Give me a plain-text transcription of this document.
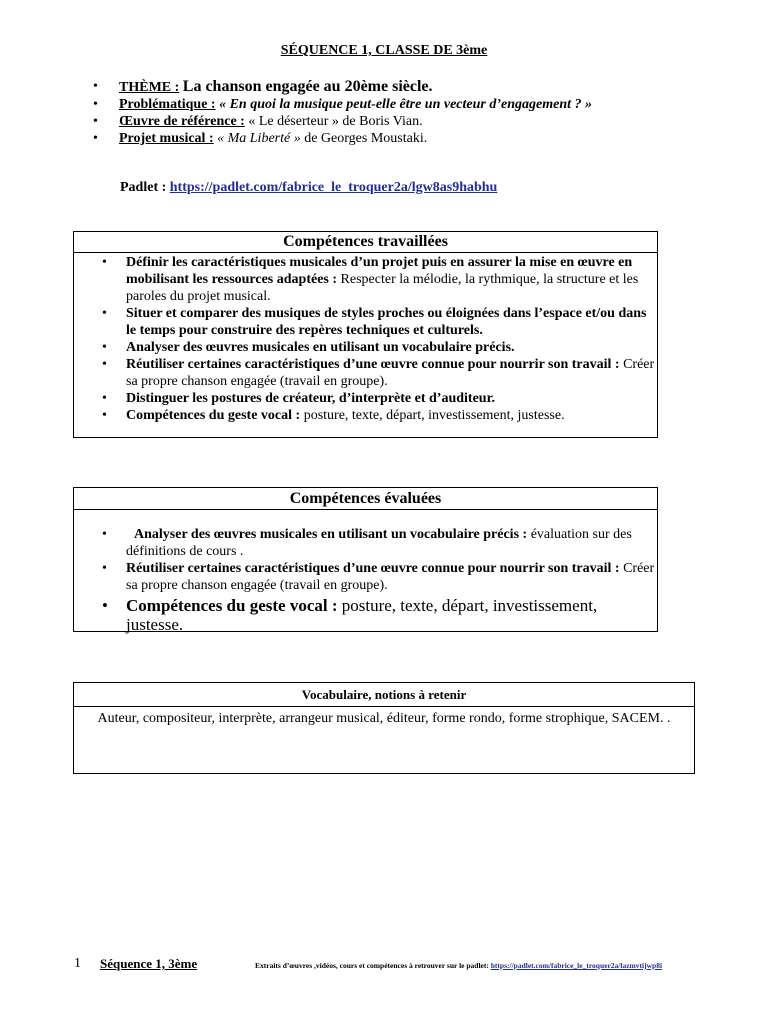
SÉQUENCE 1, CLASSE DE 3ème
• THÈME : La chanson engagée au 20ème siècle.
• Problématique : « En quoi la musique peut-elle être un vecteur d’engagement ? »
• Œuvre de référence : « Le déserteur » de Boris Vian.
• Projet musical : « Ma Liberté » de Georges Moustaki.
Padlet : https://padlet.com/fabrice_le_troquer2a/lgw8as9habhu
Compétences travaillées
• Définir les caractéristiques musicales d’un projet puis en assurer la mise en œuvre en mobilisant les ressources adaptées : Respecter la mélodie, la rythmique, la structure et les paroles du projet musical.
• Situer et comparer des musiques de styles proches ou éloignées dans l’espace et/ou dans le temps pour construire des repères techniques et culturels.
• Analyser des œuvres musicales en utilisant un vocabulaire précis.
• Réutiliser certaines caractéristiques d’une œuvre connue pour nourrir son travail : Créer sa propre chanson engagée (travail en groupe).
• Distinguer les postures de créateur, d’interprète et d’auditeur.
• Compétences du geste vocal : posture, texte, départ, investissement, justesse.
Compétences évaluées
• Analyser des œuvres musicales en utilisant un vocabulaire précis : évaluation sur des définitions de cours .
• Réutiliser certaines caractéristiques d’une œuvre connue pour nourrir son travail : Créer sa propre chanson engagée (travail en groupe).
• Compétences du geste vocal : posture, texte, départ, investissement, justesse.
Vocabulaire, notions à retenir
Auteur, compositeur, interprète, arrangeur musical, éditeur, forme rondo, forme strophique, SACEM. .
1 Séquence 1, 3ème	Extraits d’œuvres ,vidéos, cours et compétences à retrouver sur le padlet: https://padlet.com/fabrice_le_troquer2a/lazmvtijwp8i
